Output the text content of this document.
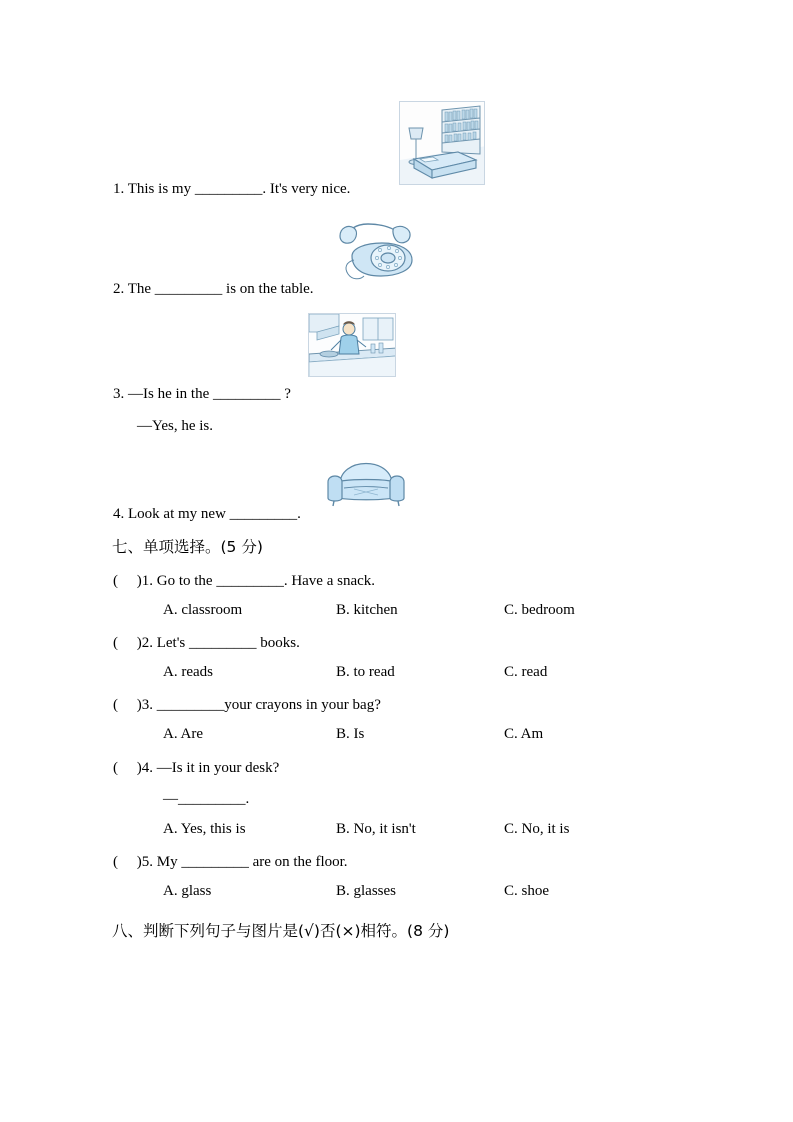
1. This is my _________. It's very nice.
2. The _________ is on the table.
3. —Is he in the _________ ?
—Yes, he is.
4. Look at my new _________.
七、单项选择。(5 分)
(     )1. Go to the _________. Have a snack.
A. classroom	B. kitchen	C. bedroom
(     )2. Let's _________ books.
A. reads	B. to read	C. read
(     )3. _________your crayons in your bag?
A. Are	B. Is	C. Am
(     )4. —Is it in your desk?
—_________.
A. Yes, this is	B. No, it isn't	C. No, it is
(     )5. My _________ are on the floor.
A. glass	B. glasses	C. shoe
八、判断下列句子与图片是(√)否(×)相符。(8 分)
